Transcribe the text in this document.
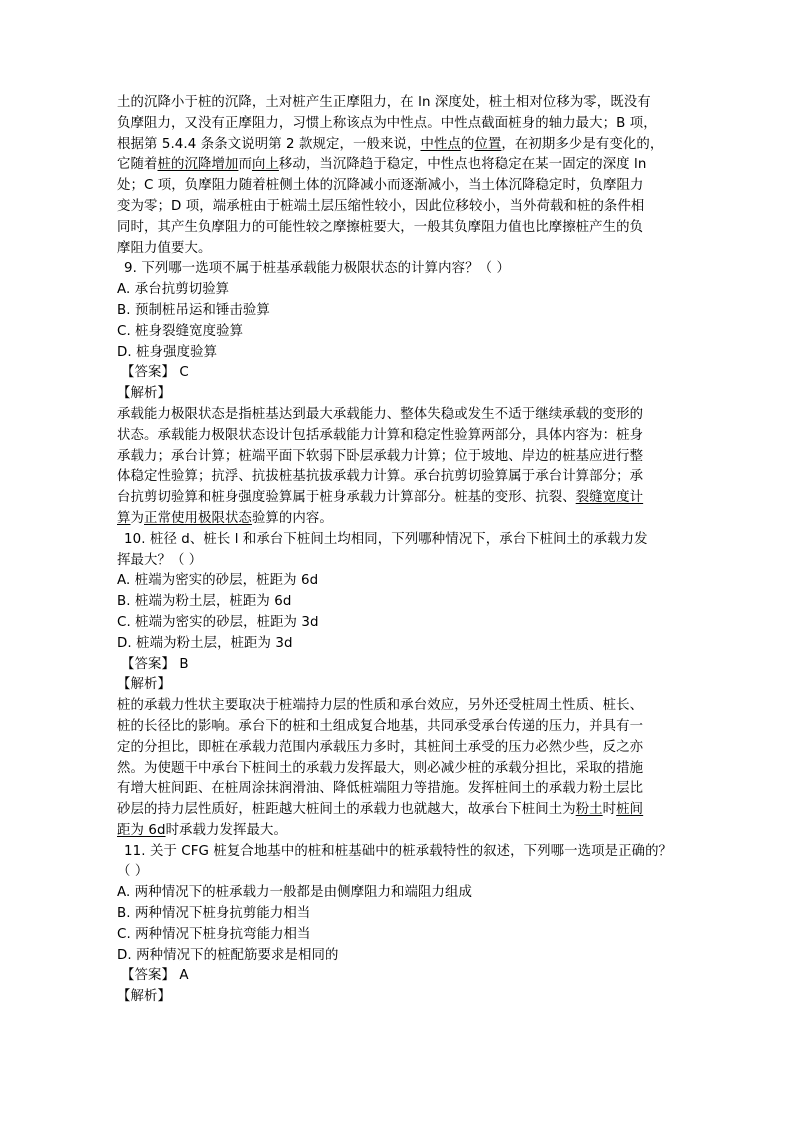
土的沉降小于桩的沉降，土对桩产生正摩阻力，在 ln 深度处，桩土相对位移为零，既没有
负摩阻力，又没有正摩阻力，习惯上称该点为中性点。中性点截面桩身的轴力最大；B 项，
根据第 5.4.4 条条文说明第 2 款规定，一般来说，中性点的位置，在初期多少是有变化的，
它随着桩的沉降增加而向上移动，当沉降趋于稳定，中性点也将稳定在某一固定的深度 ln
处；C 项，负摩阻力随着桩侧土体的沉降减小而逐渐减小，当土体沉降稳定时，负摩阻力
变为零；D 项，端承桩由于桩端土层压缩性较小，因此位移较小，当外荷载和桩的条件相
同时，其产生负摩阻力的可能性较之摩擦桩要大，一般其负摩阻力值也比摩擦桩产生的负
摩阻力值要大。
9. 下列哪一选项不属于桩基承载能力极限状态的计算内容？（ ）
A. 承台抗剪切验算
B. 预制桩吊运和锤击验算
C. 桩身裂缝宽度验算
D. 桩身强度验算
【答案】 C
【解析】
承载能力极限状态是指桩基达到最大承载能力、整体失稳或发生不适于继续承载的变形的
状态。承载能力极限状态设计包括承载能力计算和稳定性验算两部分，具体内容为：桩身
承载力；承台计算；桩端平面下软弱下卧层承载力计算；位于坡地、岸边的桩基应进行整
体稳定性验算；抗浮、抗拔桩基抗拔承载力计算。承台抗剪切验算属于承台计算部分；承
台抗剪切验算和桩身强度验算属于桩身承载力计算部分。桩基的变形、抗裂、裂缝宽度计
算为正常使用极限状态验算的内容。
10. 桩径 d、桩长 l 和承台下桩间土均相同，下列哪种情况下，承台下桩间土的承载力发
挥最大？（ ）
A. 桩端为密实的砂层，桩距为 6d
B. 桩端为粉土层，桩距为 6d
C. 桩端为密实的砂层，桩距为 3d
D. 桩端为粉土层，桩距为 3d
【答案】 B
【解析】
桩的承载力性状主要取决于桩端持力层的性质和承台效应，另外还受桩周土性质、桩长、
桩的长径比的影响。承台下的桩和土组成复合地基，共同承受承台传递的压力，并具有一
定的分担比，即桩在承载力范围内承载压力多时，其桩间土承受的压力必然少些，反之亦
然。为使题干中承台下桩间土的承载力发挥最大，则必减少桩的承载分担比，采取的措施
有增大桩间距、在桩周涂抹润滑油、降低桩端阻力等措施。发挥桩间土的承载力粉土层比
砂层的持力层性质好，桩距越大桩间土的承载力也就越大，故承台下桩间土为粉土时桩间
距为 6d时承载力发挥最大。
11. 关于 CFG 桩复合地基中的桩和桩基础中的桩承载特性的叙述，下列哪一选项是正确的？
（ ）
A. 两种情况下的桩承载力一般都是由侧摩阻力和端阻力组成
B. 两种情况下桩身抗剪能力相当
C. 两种情况下桩身抗弯能力相当
D. 两种情况下的桩配筋要求是相同的
【答案】 A
【解析】
